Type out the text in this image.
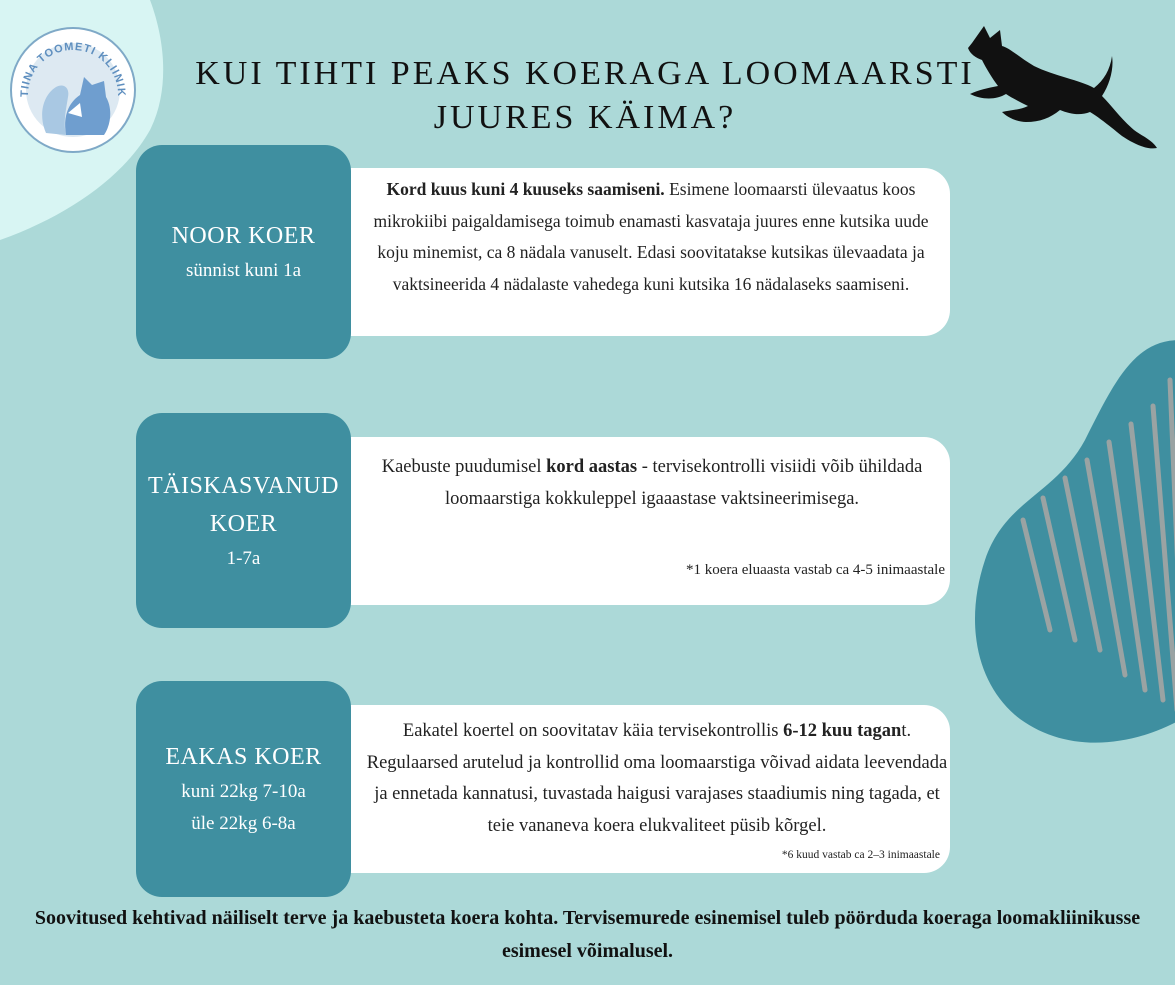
TIINA TOOMETI KLIINIK
KUI TIHTI PEAKS KOERAGA LOOMAARSTI
JUURES KÄIMA?
NOOR KOER
sünnist kuni 1a
Kord kuus kuni 4 kuuseks saamiseni. Esimene loomaarsti ülevaatus koos mikrokiibi paigaldamisega toimub enamasti kasvataja juures enne kutsika uude koju minemist, ca 8 nädala vanuselt. Edasi soovitatakse kutsikas ülevaadata ja vaktsineerida 4 nädalaste vahedega kuni kutsika 16 nädalaseks saamiseni.
TÄISKASVANUD KOER
1-7a
Kaebuste puudumisel kord aastas - tervisekontrolli visiidi võib ühildada loomaarstiga kokkuleppel igaaastase vaktsineerimisega.
*1 koera eluaasta vastab ca 4-5 inimaastale
EAKAS KOER
kuni 22kg 7-10a
üle 22kg 6-8a
Eakatel koertel on soovitatav käia tervisekontrollis 6-12 kuu tagant. Regulaarsed arutelud ja kontrollid oma loomaarstiga võivad aidata leevendada ja ennetada kannatusi, tuvastada haigusi varajases staadiumis ning tagada, et teie vananeva koera elukvaliteet püsib kõrgel.
*6 kuud vastab ca 2–3 inimaastale
Soovitused kehtivad näiliselt terve ja kaebusteta koera kohta. Tervisemurede esinemisel tuleb pöörduda koeraga loomakliinikusse esimesel võimalusel.
